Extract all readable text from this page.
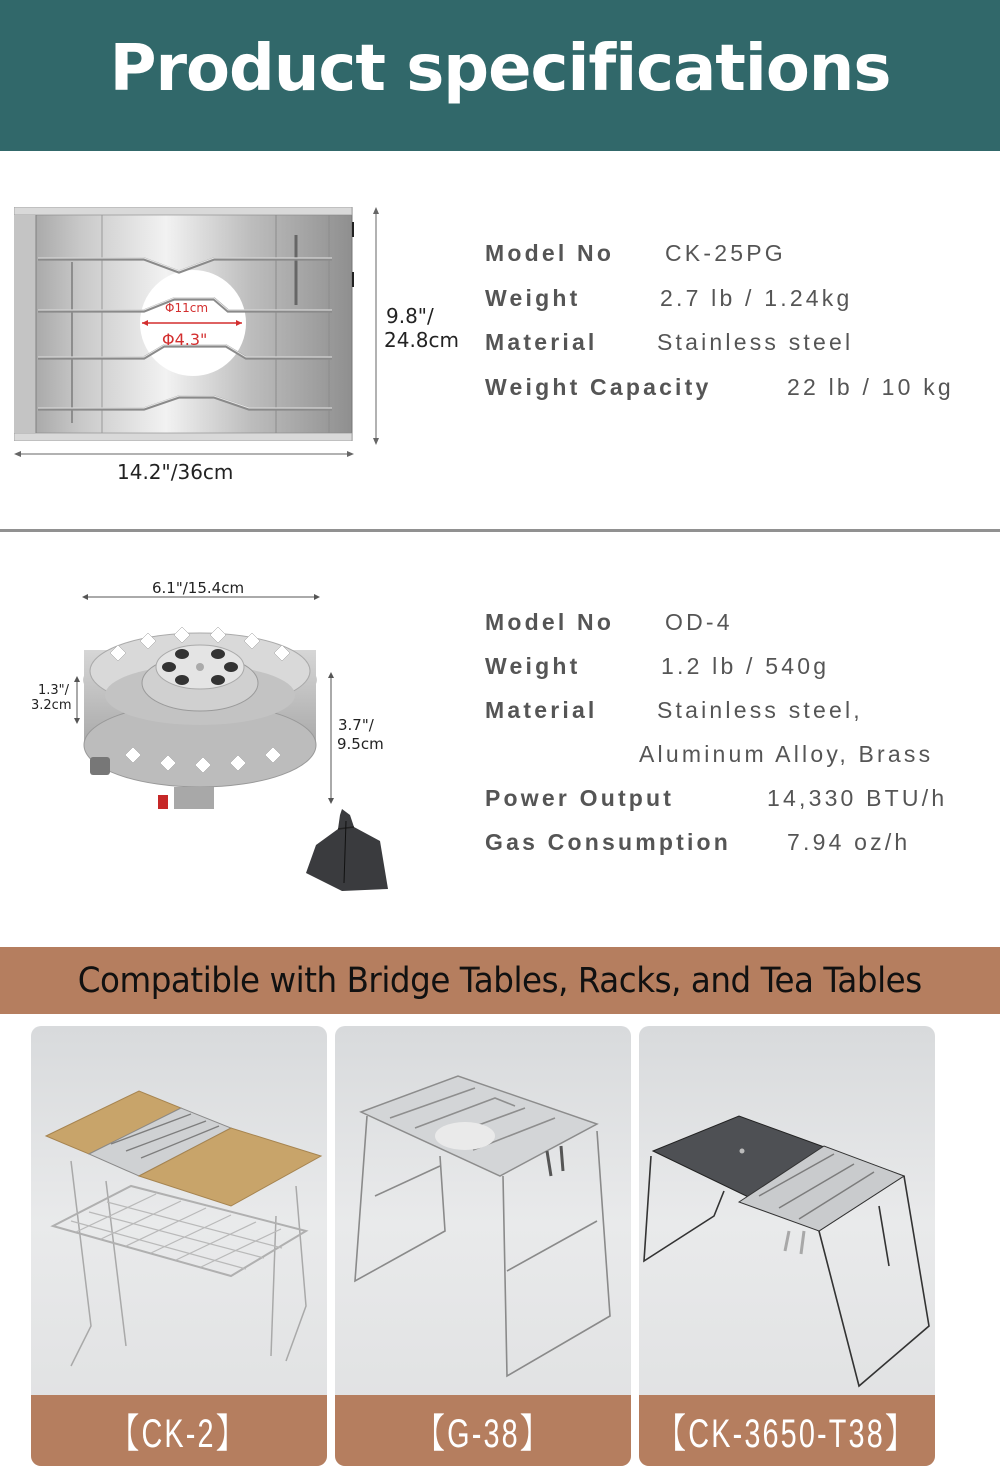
Product specifications
Φ11cm
Φ4.3"
9.8"/
24.8cm
14.2"/36cm
Model No CK-25PG
Weight	2.7 lb / 1.24kg
Material	Stainless steel
Weight Capacity	22 lb / 10 kg
6.1"/15.4cm
1.3"/
3.2cm
3.7"/
9.5cm
Model No OD-4
Weight	1.2 lb / 540g
Material	Stainless steel,
Aluminum Alloy, Brass
Power Output	14,330 BTU/h
Gas Consumption 7.94 oz/h
Compatible with Bridge Tables, Racks, and Tea Tables
【CK-2】	【G-38】	【CK-3650-T38】
